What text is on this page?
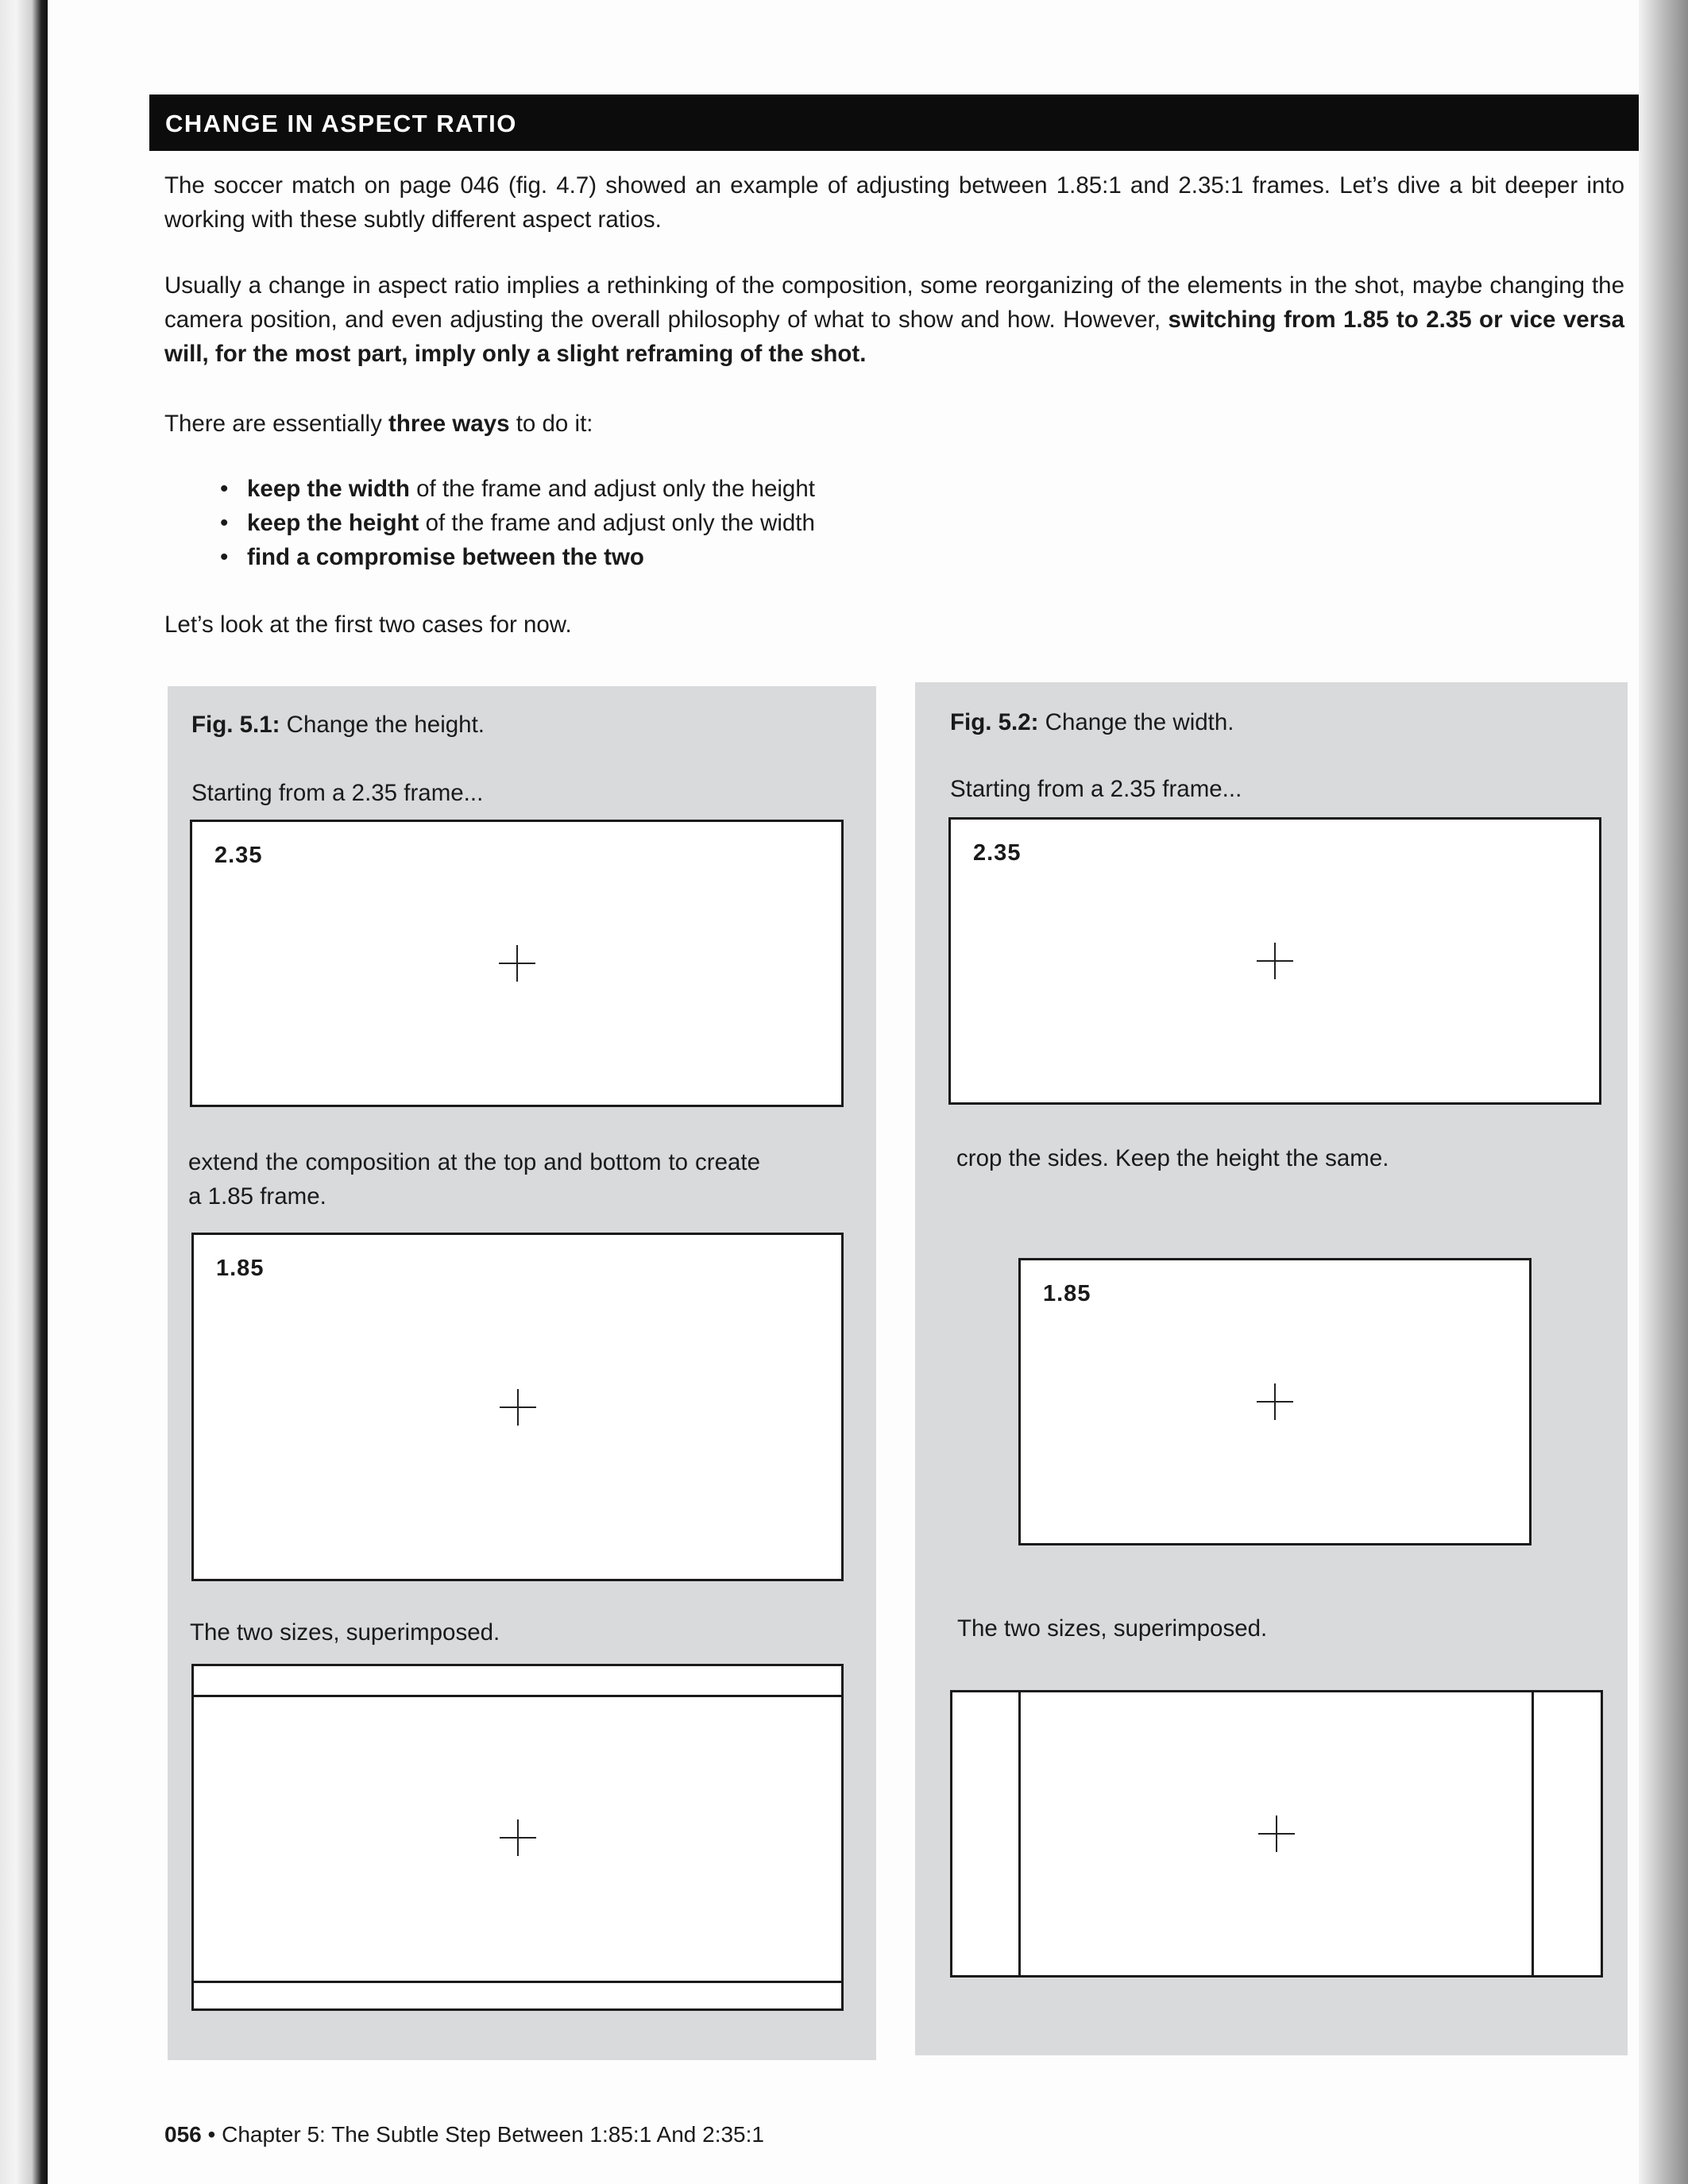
CHANGE IN ASPECT RATIO
The soccer match on page 046 (fig. 4.7) showed an example of adjusting between 1.85:1 and 2.35:1 frames. Let’s dive a bit deeper into working with these subtly different aspect ratios.
Usually a change in aspect ratio implies a rethinking of the composition, some reorganizing of the elements in the shot, maybe changing the camera position, and even adjusting the overall philosophy of what to show and how. However, switching from 1.85 to 2.35 or vice versa will, for the most part, imply only a slight reframing of the shot.
There are essentially three ways to do it:
• keep the width of the frame and adjust only the height
• keep the height of the frame and adjust only the width
• find a compromise between the two
Let’s look at the first two cases for now.
Fig. 5.1: Change the height.
Starting from a 2.35 frame...
2.35
extend the composition at the top and bottom to create a 1.85 frame.
1.85
The two sizes, superimposed.
Fig. 5.2: Change the width.
Starting from a 2.35 frame...
2.35
crop the sides. Keep the height the same.
1.85
The two sizes, superimposed.
056 • Chapter 5: The Subtle Step Between 1:85:1 And 2:35:1
